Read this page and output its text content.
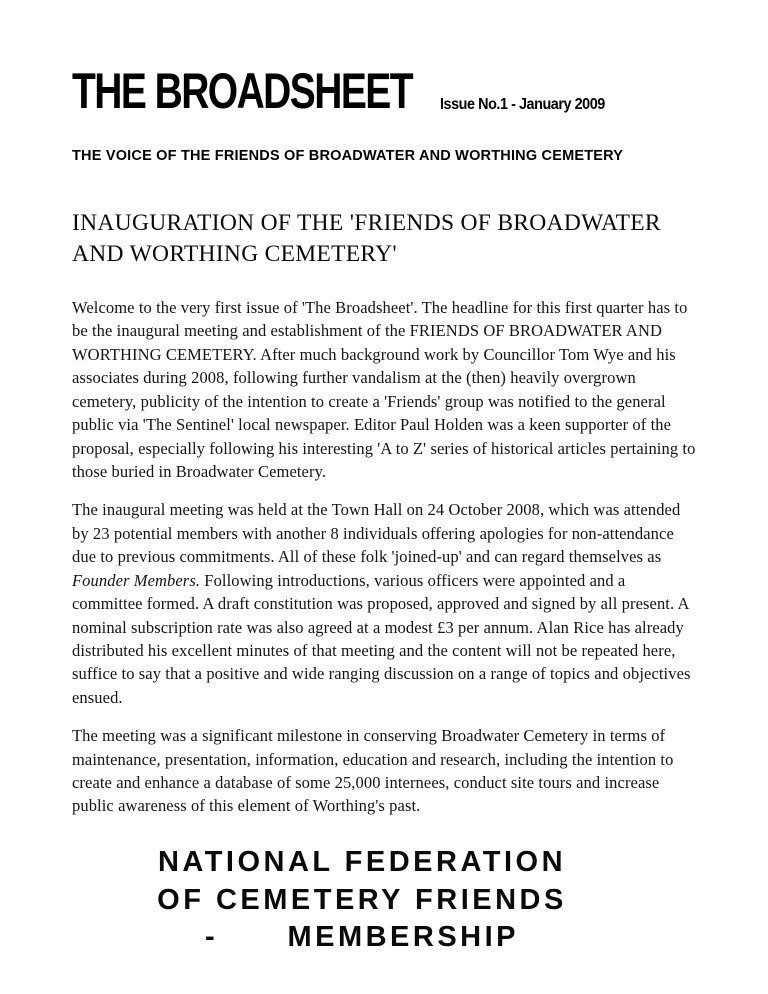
THE BROADSHEET Issue No.1 - January 2009
THE VOICE OF THE FRIENDS OF BROADWATER AND WORTHING CEMETERY
INAUGURATION OF THE 'FRIENDS OF BROADWATER AND WORTHING CEMETERY'

Welcome to the very first issue of 'The Broadsheet'. The headline for this first quarter has to be the inaugural meeting and establishment of the FRIENDS OF BROADWATER AND WORTHING CEMETERY. After much background work by Councillor Tom Wye and his associates during 2008, following further vandalism at the (then) heavily overgrown cemetery, publicity of the intention to create a 'Friends' group was notified to the general public via 'The Sentinel' local newspaper. Editor Paul Holden was a keen supporter of the proposal, especially following his interesting 'A to Z' series of historical articles pertaining to those buried in Broadwater Cemetery.

The inaugural meeting was held at the Town Hall on 24 October 2008, which was attended by 23 potential members with another 8 individuals offering apologies for non-attendance due to previous commitments. All of these folk 'joined-up' and can regard themselves as Founder Members. Following introductions, various officers were appointed and a committee formed. A draft constitution was proposed, approved and signed by all present. A nominal subscription rate was also agreed at a modest £3 per annum. Alan Rice has already distributed his excellent minutes of that meeting and the content will not be repeated here, suffice to say that a positive and wide ranging discussion on a range of topics and objectives ensued.

The meeting was a significant milestone in conserving Broadwater Cemetery in terms of maintenance, presentation, information, education and research, including the intention to create and enhance a database of some 25,000 internees, conduct site tours and increase public awareness of this element of Worthing's past.

NATIONAL FEDERATION
OF CEMETERY FRIENDS
-      MEMBERSHIP
